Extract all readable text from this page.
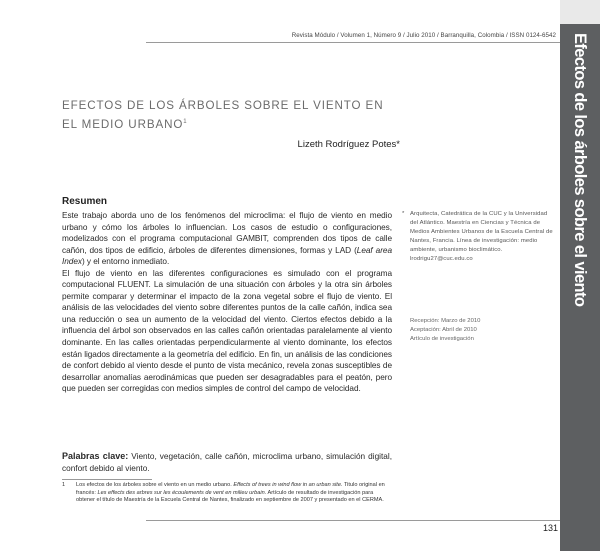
Revista Módulo / Volumen 1, Número 9 / Julio 2010 / Barranquilla, Colombia / ISSN 0124-6542 Efectos de los árboles sobre el viento
EFECTOS DE LOS ÁRBOLES SOBRE EL VIENTO EN EL MEDIO URBANO$^1$
Lizeth Rodríguez Potes*
Resumen

Este trabajo aborda uno de los fenómenos del microclima: el flujo de viento en medio urbano y cómo los árboles lo influencian. Los casos de estudio o configuraciones, modelizados con el programa computacional GAMBIT, comprenden dos tipos de calle cañón, dos tipos de edificio, árboles de diferentes dimensiones, formas y LAD (Leaf area Index) y el entorno inmediato.

El flujo de viento en las diferentes configuraciones es simulado con el programa computacional FLUENT. La simulación de una situación con árboles y la otra sin árboles permite comparar y determinar el impacto de la zona vegetal sobre el flujo de viento. El análisis de las velocidades del viento sobre diferentes puntos de la calle cañón, indica sea una reducción o sea un aumento de la velocidad del viento. Ciertos efectos debido a la influencia del árbol son observados en las calles cañón orientadas paralelamente al viento dominante. En las calles orientadas perpendicularmente al viento dominante, los efectos están ligados directamente a la geometría del edificio. En fin, un análisis de las condiciones de confort debido al viento desde el punto de vista mecánico, revela zonas susceptibles de desarrollar anomalías aerodinámicas que pueden ser desagradables para el peatón, pero que pueden ser corregidas con medios simples de control del campo de velocidad.

Palabras clave: Viento, vegetación, calle cañón, microclima urbano, simulación digital, confort debido al viento.
1 Los efectos de los árboles sobre el viento en un medio urbano. Effects of trees in wind flow in an urban site. Titulo original en francés: Les effects des arbres sur les écoulements de vent en milieu urbain. Artículo de resultado de investigación para obtener el título de Maestría de la Escuela Central de Nantes, finalizado en septiembre de 2007 y presentado en el CERMA.
* Arquitecta, Catedrática de la CUC y la Universidad del Atlántico. Maestría en Ciencias y Técnica de Medios Ambientes Urbanos de la Escuela Central de Nantes, Francia. Línea de investigación: medio ambiente, urbanismo bioclimático.
lrodrigu27@cuc.edu.co
Recepción: Marzo de 2010
Aceptación: Abril de 2010
Artículo de investigación
131
